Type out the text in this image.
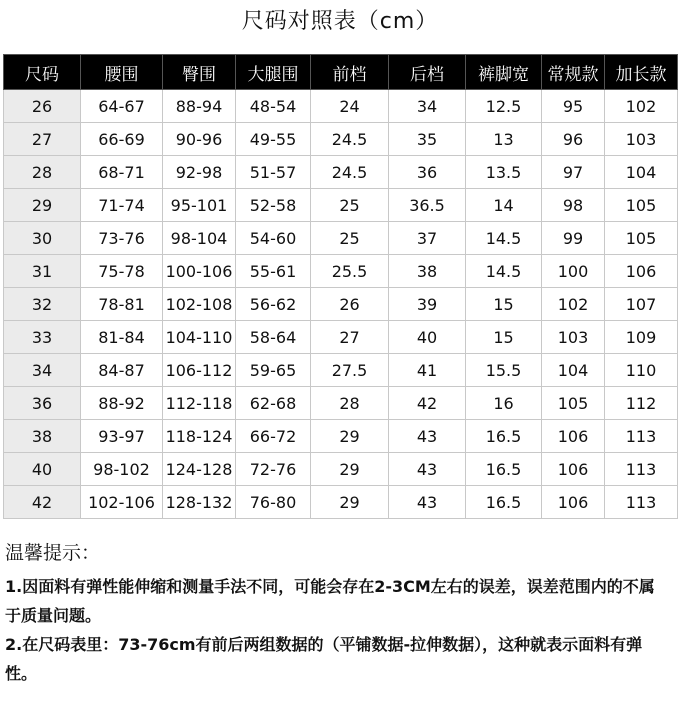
尺码对照表（cm）
尺码	腰围	臀围	大腿围	前档	后档	裤脚宽	常规款	加长款
26	64-67	88-94	48-54	24	34	12.5	95	102
27	66-69	90-96	49-55	24.5	35	13	96	103
28	68-71	92-98	51-57	24.5	36	13.5	97	104
29	71-74	95-101	52-58	25	36.5	14	98	105
30	73-76	98-104	54-60	25	37	14.5	99	105
31	75-78	100-106	55-61	25.5	38	14.5	100	106
32	78-81	102-108	56-62	26	39	15	102	107
33	81-84	104-110	58-64	27	40	15	103	109
34	84-87	106-112	59-65	27.5	41	15.5	104	110
36	88-92	112-118	62-68	28	42	16	105	112
38	93-97	118-124	66-72	29	43	16.5	106	113
40	98-102	124-128	72-76	29	43	16.5	106	113
42	102-106	128-132	76-80	29	43	16.5	106	113
温馨提示：
1.因面料有弹性能伸缩和测量手法不同，可能会存在2-3CM左右的误差，误差范围内的不属于质量问题。
2.在尺码表里：73-76cm有前后两组数据的（平铺数据-拉伸数据），这种就表示面料有弹性。
